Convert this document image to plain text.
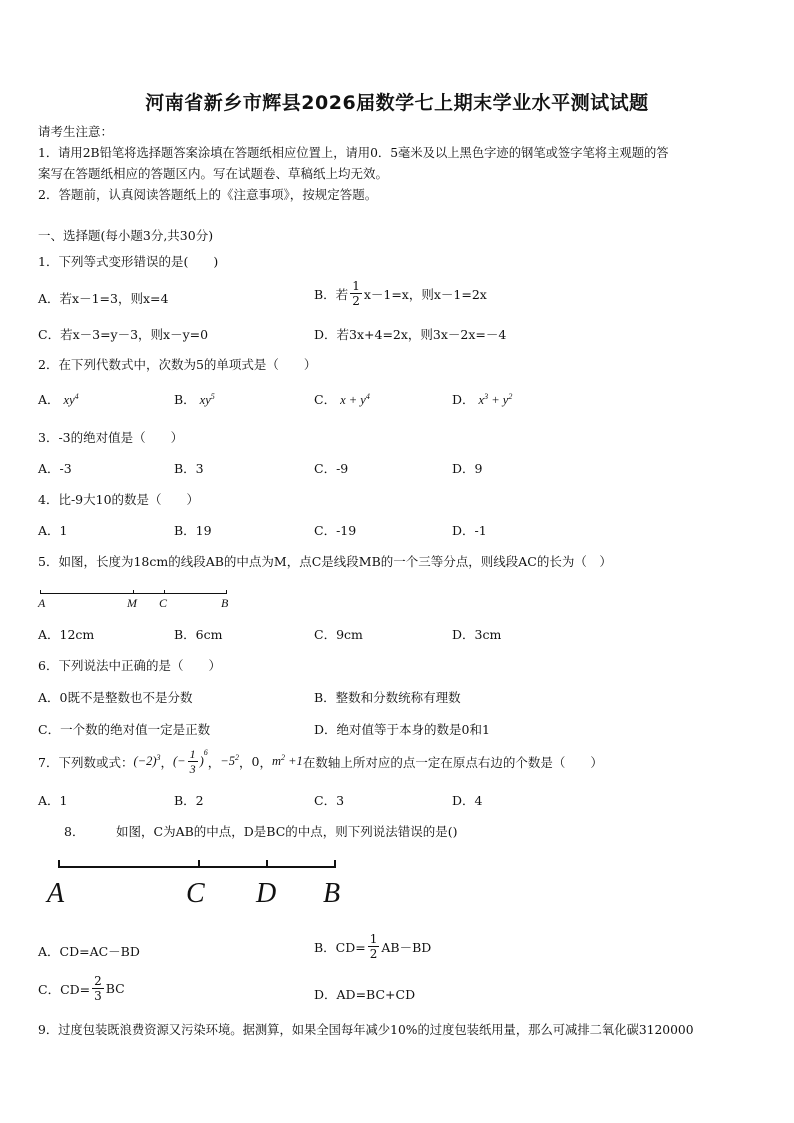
河南省新乡市辉县2026届数学七上期末学业水平测试试题
请考生注意：
1．请用2B铅笔将选择题答案涂填在答题纸相应位置上，请用0．5毫米及以上黑色字迹的钢笔或签字笔将主观题的答
案写在答题纸相应的答题区内。写在试题卷、草稿纸上均无效。
2．答题前，认真阅读答题纸上的《注意事项》，按规定答题。
一、选择题(每小题3分,共30分)
1．下列等式变形错误的是(　　)
A．若x－1=3，则x=4	B．若 $\frac{1}{2} x-1=x$，则x－1=2x
C．若x－3=y－3，则x－y=0	D．若3x+4=2x，则3x－2x=－4
2．在下列代数式中，次数为5的单项式是（　　）
A． $xy^4$	B． $xy^5$	C． $x + y^4$	D． $x^3 + y^2$
3．-3的绝对值是（　　）
A．-3	B．3	C．-9	D．9
4．比-9大10的数是（　　）
A．1	B．19	C．-19	D．-1
5．如图，长度为18cm的线段AB的中点为M，点C是线段MB的一个三等分点，则线段AC的长为（　）
A	M C	B
A．12cm	B．6cm	C．9cm	D．3cm
6．下列说法中正确的是（　　）
A．0既不是整数也不是分数	B．整数和分数统称有理数
C．一个数的绝对值一定是正数	D．绝对值等于本身的数是0和1
7．下列数或式： $(-2)^3$ ， (− $\frac{1}{3}$ )
$^6$
， $-5^2$ ， 0 ， $m^2 +1$ 在数轴上所对应的点一定在原点右边的个数是（　　）
A．1	B．2	C．3	D．4
8．	如图，C为AB的中点，D是BC的中点，则下列说法错误的是()
A	C D B
A．CD=AC－BD	B．$CD= \frac{1}{2} AB-BD$
C．$CD= \frac{2}{3}$ BC	D．AD=BC+CD
9．过度包装既浪费资源又污染环境。据测算，如果全国每年减少10%的过度包装纸用量，那么可减排二氧化碳3120000
